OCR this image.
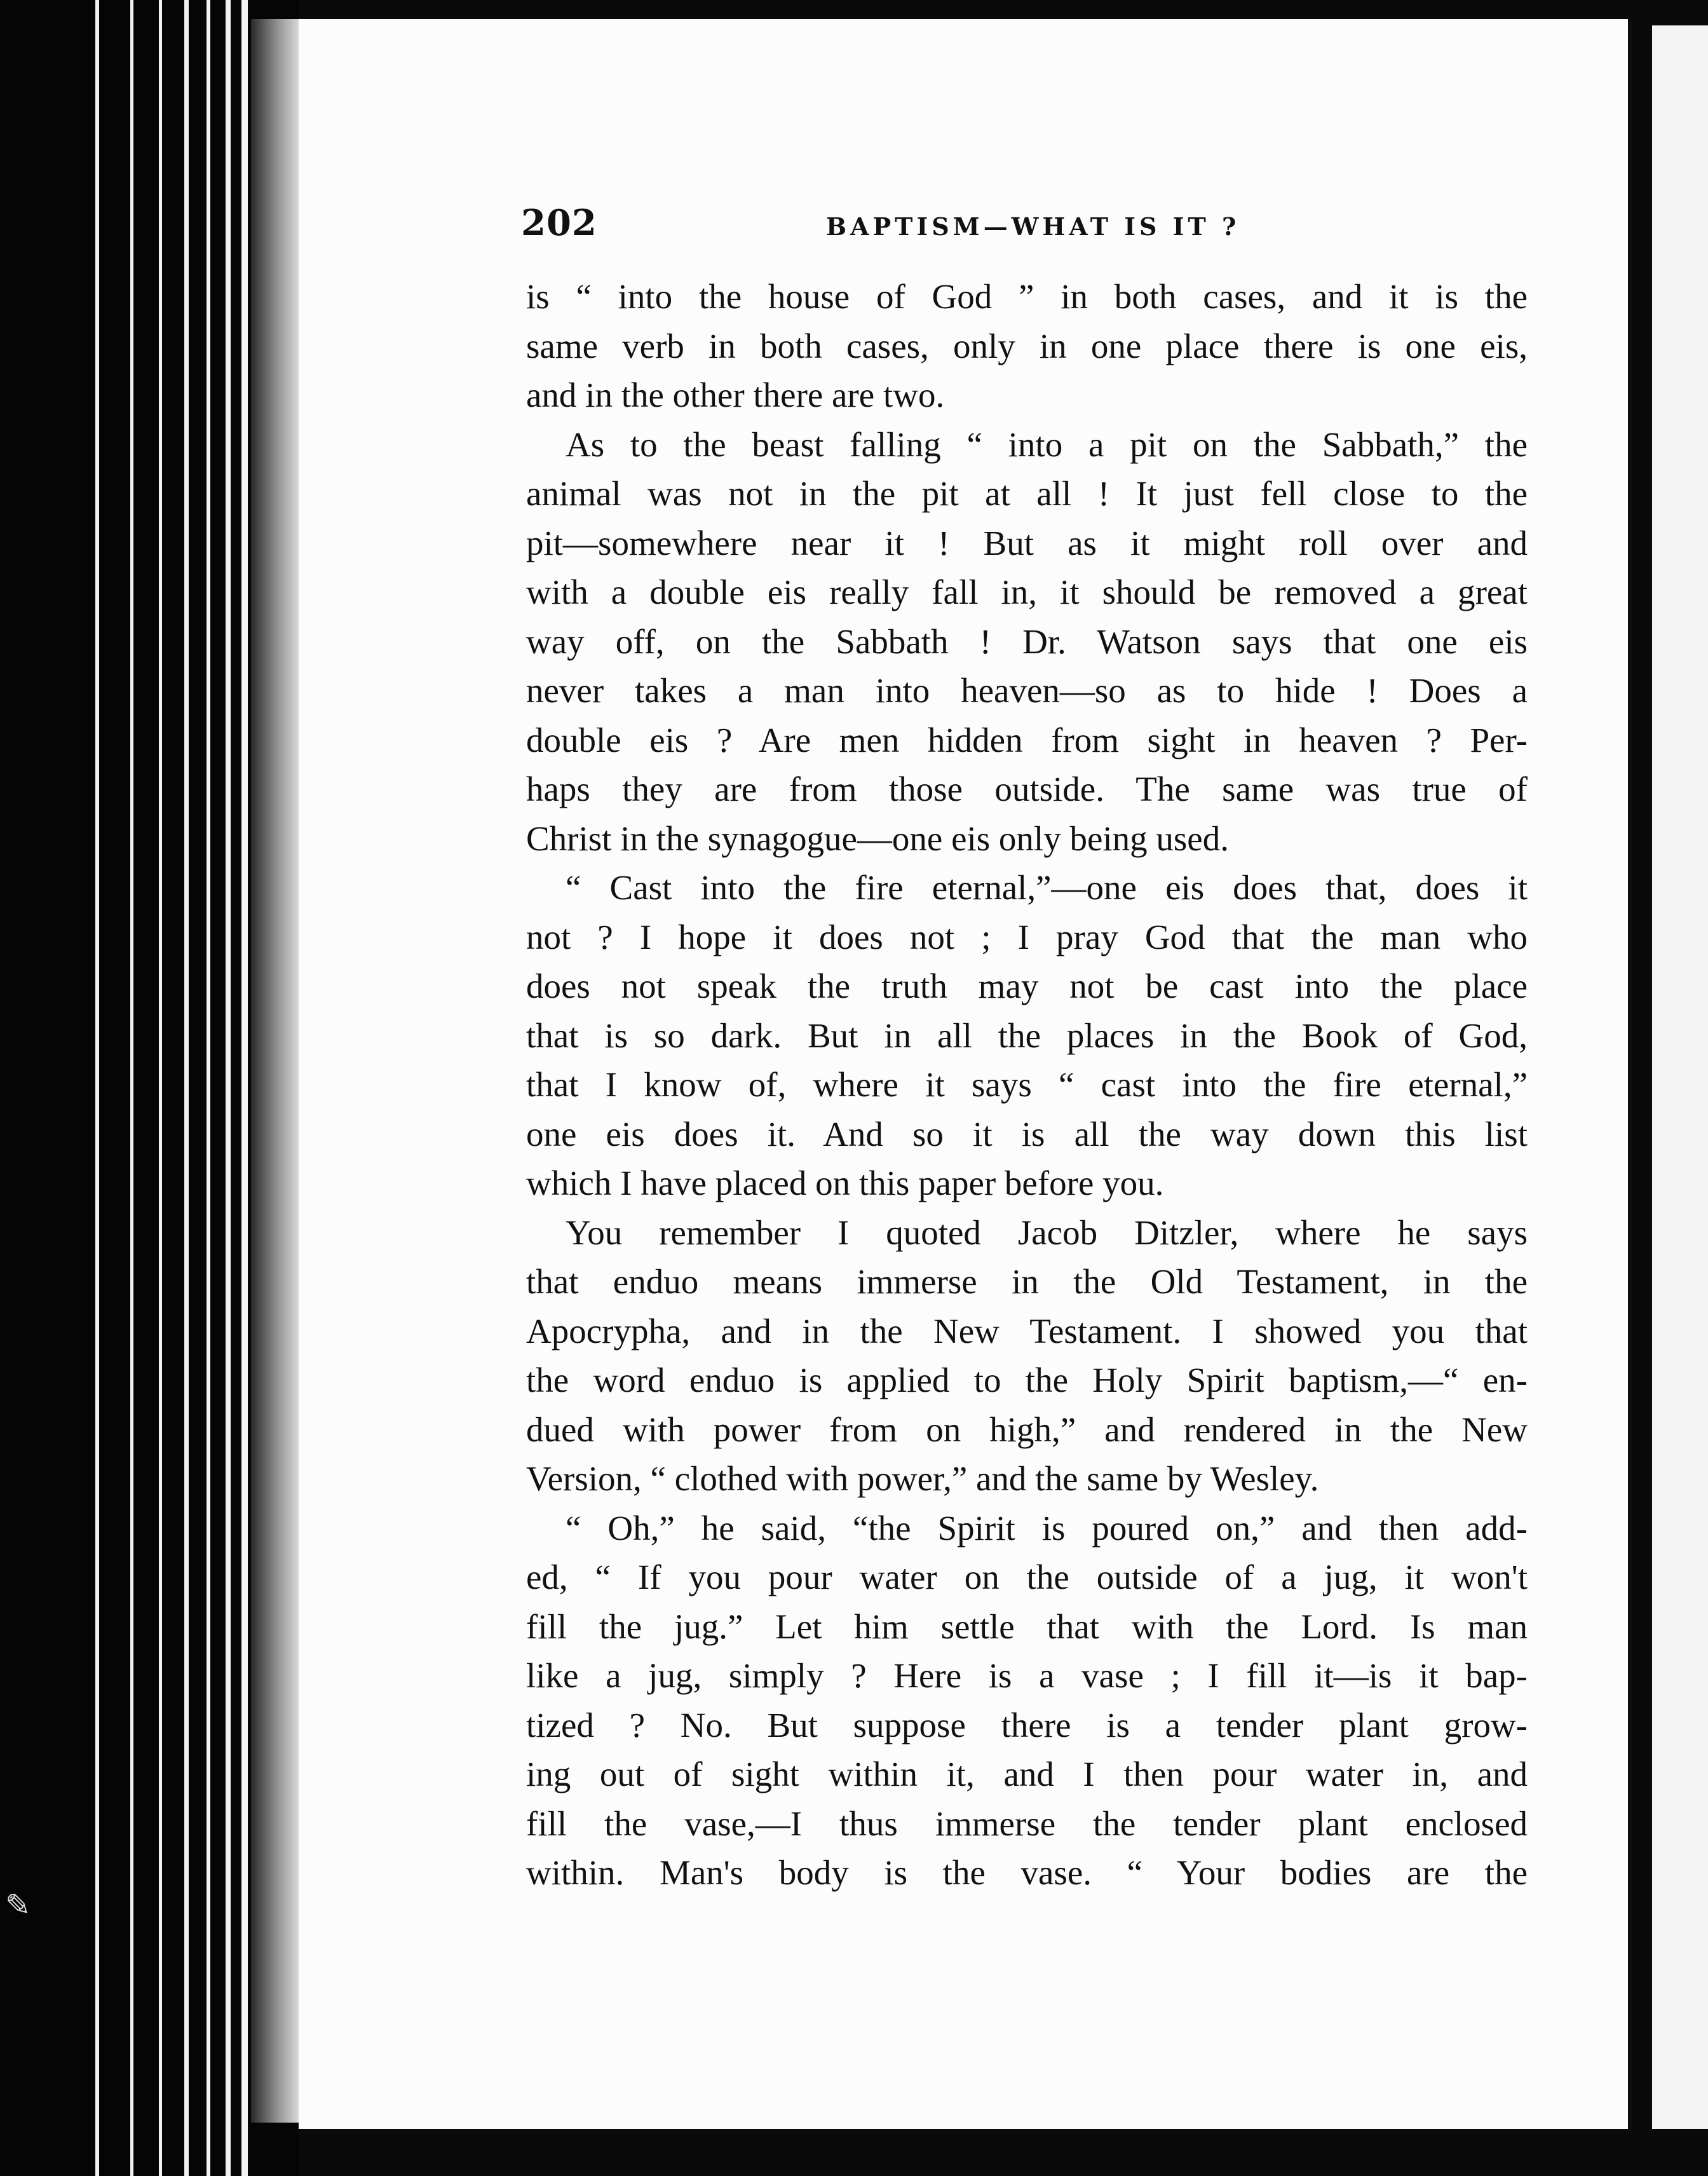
✎
202	BAPTISM—WHAT IS IT ?

is “ into the house of God ” in both cases, and it is the
same verb in both cases, only in one place there is one eis,
and in the other there are two.

As to the beast falling “ into a pit on the Sabbath,” the
animal was not in the pit at all ! It just fell close to the
pit—somewhere near it ! But as it might roll over and
with a double eis really fall in, it should be removed a great
way off, on the Sabbath ! Dr. Watson says that one eis
never takes a man into heaven—so as to hide ! Does a
double eis ? Are men hidden from sight in heaven ? Per-
haps they are from those outside. The same was true of
Christ in the synagogue—one eis only being used.

“ Cast into the fire eternal,”—one eis does that, does it
not ? I hope it does not ; I pray God that the man who
does not speak the truth may not be cast into the place
that is so dark. But in all the places in the Book of God,
that I know of, where it says “ cast into the fire eternal,”
one eis does it. And so it is all the way down this list
which I have placed on this paper before you.

You remember I quoted Jacob Ditzler, where he says
that enduo means immerse in the Old Testament, in the
Apocrypha, and in the New Testament. I showed you that
the word enduo is applied to the Holy Spirit baptism,—“ en-
dued with power from on high,” and rendered in the New
Version, “ clothed with power,” and the same by Wesley.

“ Oh,” he said, “the Spirit is poured on,” and then add-
ed, “ If you pour water on the outside of a jug, it won't
fill the jug.” Let him settle that with the Lord. Is man
like a jug, simply ? Here is a vase ; I fill it—is it bap-
tized ? No. But suppose there is a tender plant grow-
ing out of sight within it, and I then pour water in, and
fill the vase,—I thus immerse the tender plant enclosed
within. Man's body is the vase. “ Your bodies are the
